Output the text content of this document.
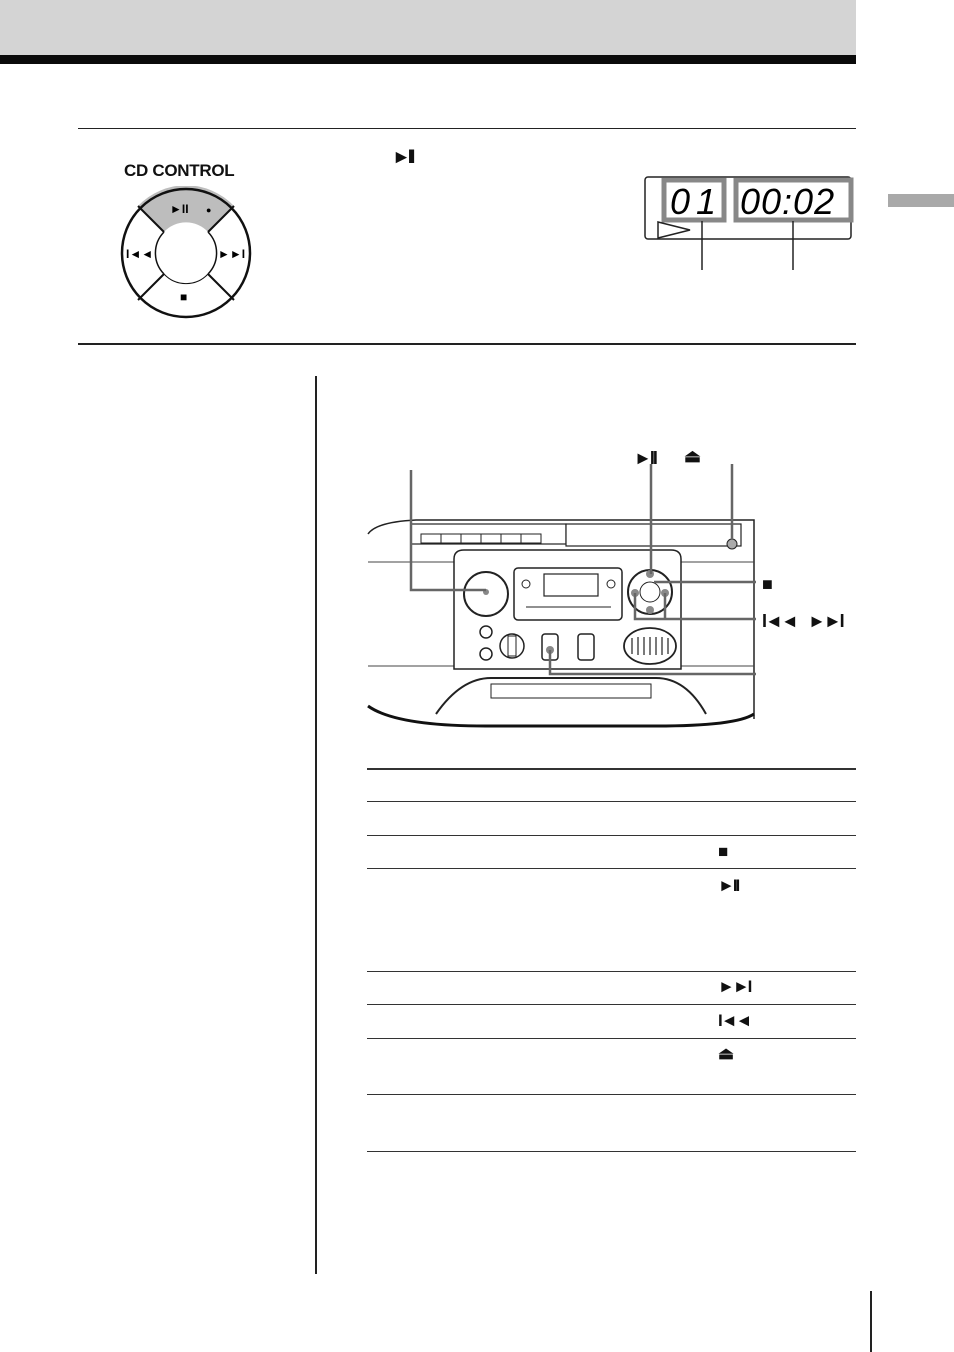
CD CONTROL
►II ●
I◄◄	►►I
■
►II
01 00:02
►II ⏏
■
I◄◄ ►►I
■
►II
►►I
I◄◄
⏏
